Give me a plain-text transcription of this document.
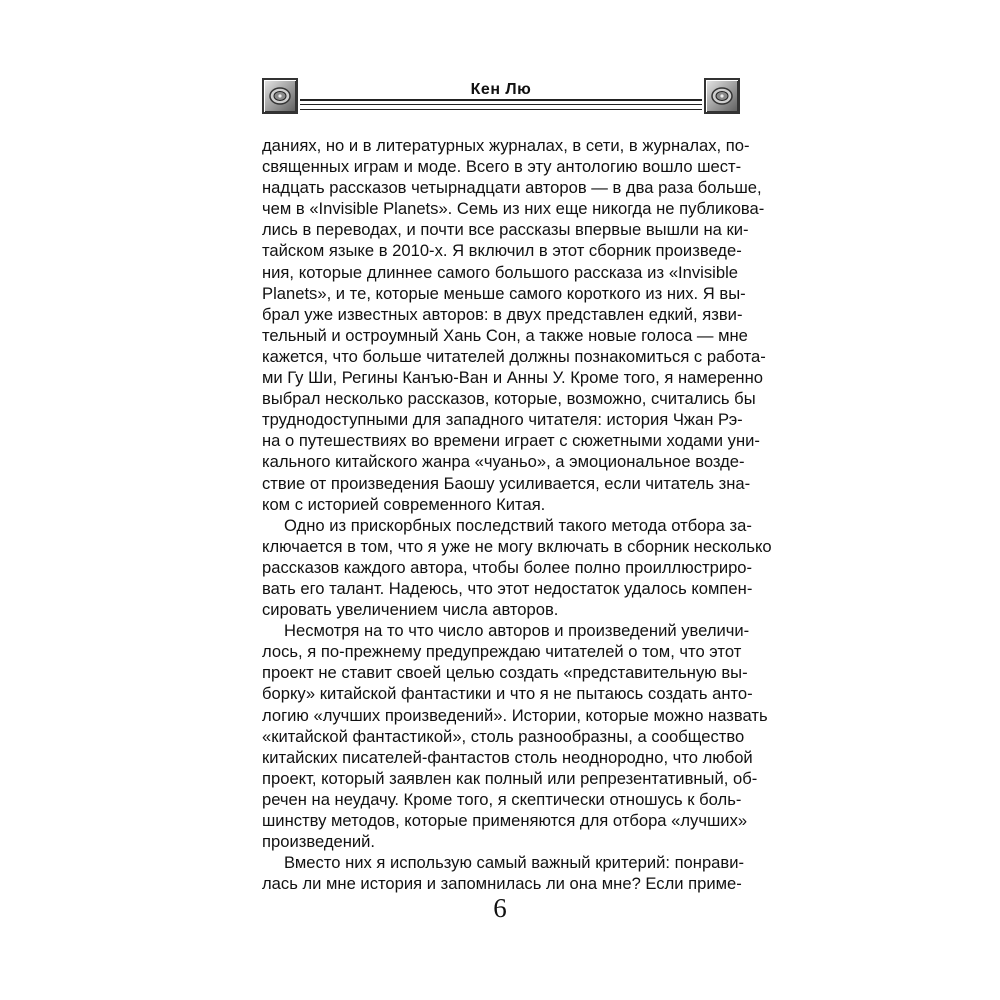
Кен Лю
даниях, но и в литературных журналах, в сети, в журналах, по-
священных играм и моде. Всего в эту антологию вошло шест-
надцать рассказов четырнадцати авторов — в два раза больше,
чем в «Invisible Planets». Семь из них еще никогда не публикова-
лись в переводах, и почти все рассказы впервые вышли на ки-
тайском языке в 2010-х. Я включил в этот сборник произведе-
ния, которые длиннее самого большого рассказа из «Invisible
Planets», и те, которые меньше самого короткого из них. Я вы-
брал уже известных авторов: в двух представлен едкий, язви-
тельный и остроумный Хань Сон, а также новые голоса — мне
кажется, что больше читателей должны познакомиться с работа-
ми Гу Ши, Регины Канъю-Ван и Анны У. Кроме того, я намеренно
выбрал несколько рассказов, которые, возможно, считались бы
труднодоступными для западного читателя: история Чжан Рэ-
на о путешествиях во времени играет с сюжетными ходами уни-
кального китайского жанра «чуаньо», а эмоциональное возде-
ствие от произведения Баошу усиливается, если читатель зна-
ком с историей современного Китая.
Одно из прискорбных последствий такого метода отбора за-
ключается в том, что я уже не могу включать в сборник несколько
рассказов каждого автора, чтобы более полно проиллюстриро-
вать его талант. Надеюсь, что этот недостаток удалось компен-
сировать увеличением числа авторов.
Несмотря на то что число авторов и произведений увеличи-
лось, я по-прежнему предупреждаю читателей о том, что этот
проект не ставит своей целью создать «представительную вы-
борку» китайской фантастики и что я не пытаюсь создать анто-
логию «лучших произведений». Истории, которые можно назвать
«китайской фантастикой», столь разнообразны, а сообщество
китайских писателей-фантастов столь неоднородно, что любой
проект, который заявлен как полный или репрезентативный, об-
речен на неудачу. Кроме того, я скептически отношусь к боль-
шинству методов, которые применяются для отбора «лучших»
произведений.
Вместо них я использую самый важный критерий: понрави-
лась ли мне история и запомнилась ли она мне? Если приме-
6
